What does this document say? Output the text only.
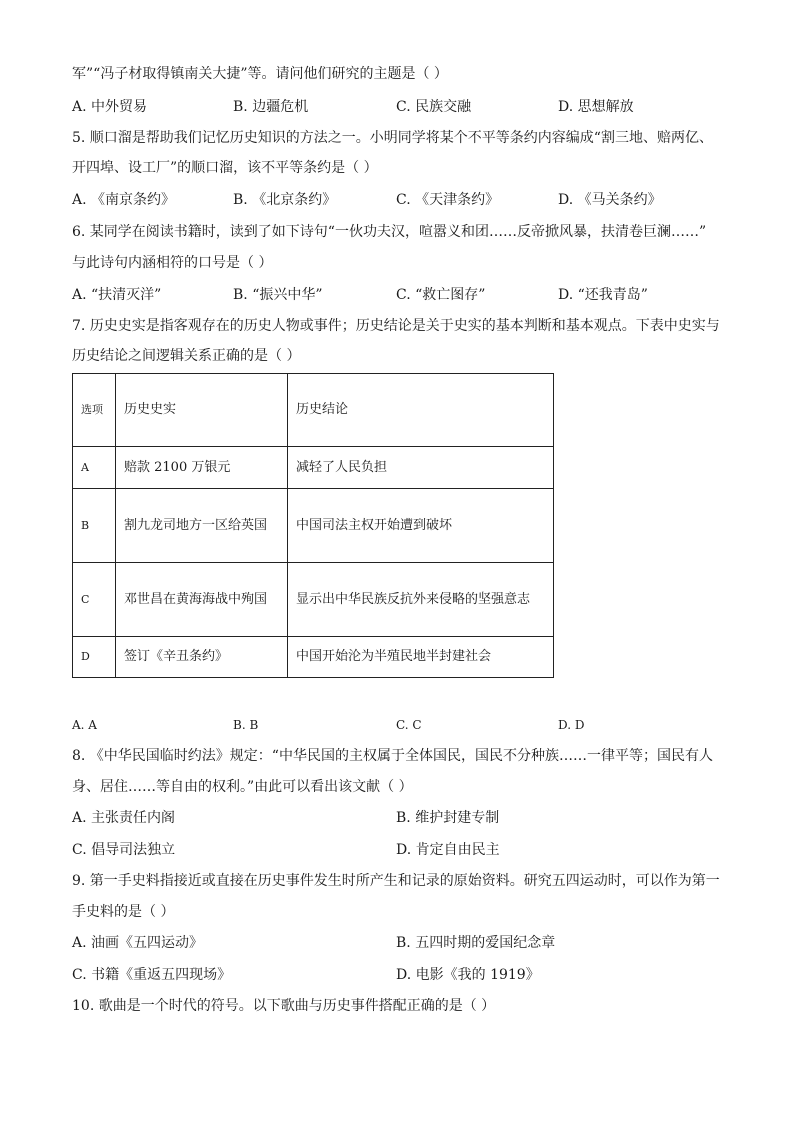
军”“冯子材取得镇南关大捷”等。请问他们研究的主题是（ ）
A. 中外贸易	B. 边疆危机	C. 民族交融	D. 思想解放
5. 顺口溜是帮助我们记忆历史知识的方法之一。小明同学将某个不平等条约内容编成“割三地、赔两亿、
开四埠、设工厂”的顺口溜，该不平等条约是（ ）
A. 《南京条约》	B. 《北京条约》	C. 《天津条约》	D. 《马关条约》
6. 某同学在阅读书籍时，读到了如下诗句“一伙功夫汉，喧嚣义和团……反帝掀风暴，扶清卷巨澜……”
与此诗句内涵相符的口号是（ ）
A. “扶清灭洋”	B. “振兴中华”	C. “救亡图存”	D. “还我青岛”
7. 历史史实是指客观存在的历史人物或事件；历史结论是关于史实的基本判断和基本观点。下表中史实与
历史结论之间逻辑关系正确的是（ ）
选项	历史史实	历史结论
A	赔款 2100 万银元	减轻了人民负担
B	割九龙司地方一区给英国	中国司法主权开始遭到破坏
C	邓世昌在黄海海战中殉国	显示出中华民族反抗外来侵略的坚强意志
D	签订《辛丑条约》	中国开始沦为半殖民地半封建社会
A. A	B. B	C. C	D. D
8. 《中华民国临时约法》规定：“中华民国的主权属于全体国民，国民不分种族……一律平等；国民有人
身、居住……等自由的权利。”由此可以看出该文献（ ）
A. 主张责任内阁	B. 维护封建专制
C. 倡导司法独立	D. 肯定自由民主
9. 第一手史料指接近或直接在历史事件发生时所产生和记录的原始资料。研究五四运动时，可以作为第一
手史料的是（ ）
A. 油画《五四运动》	B. 五四时期的爱国纪念章
C. 书籍《重返五四现场》	D. 电影《我的 1919》
10. 歌曲是一个时代的符号。以下歌曲与历史事件搭配正确的是（ ）
